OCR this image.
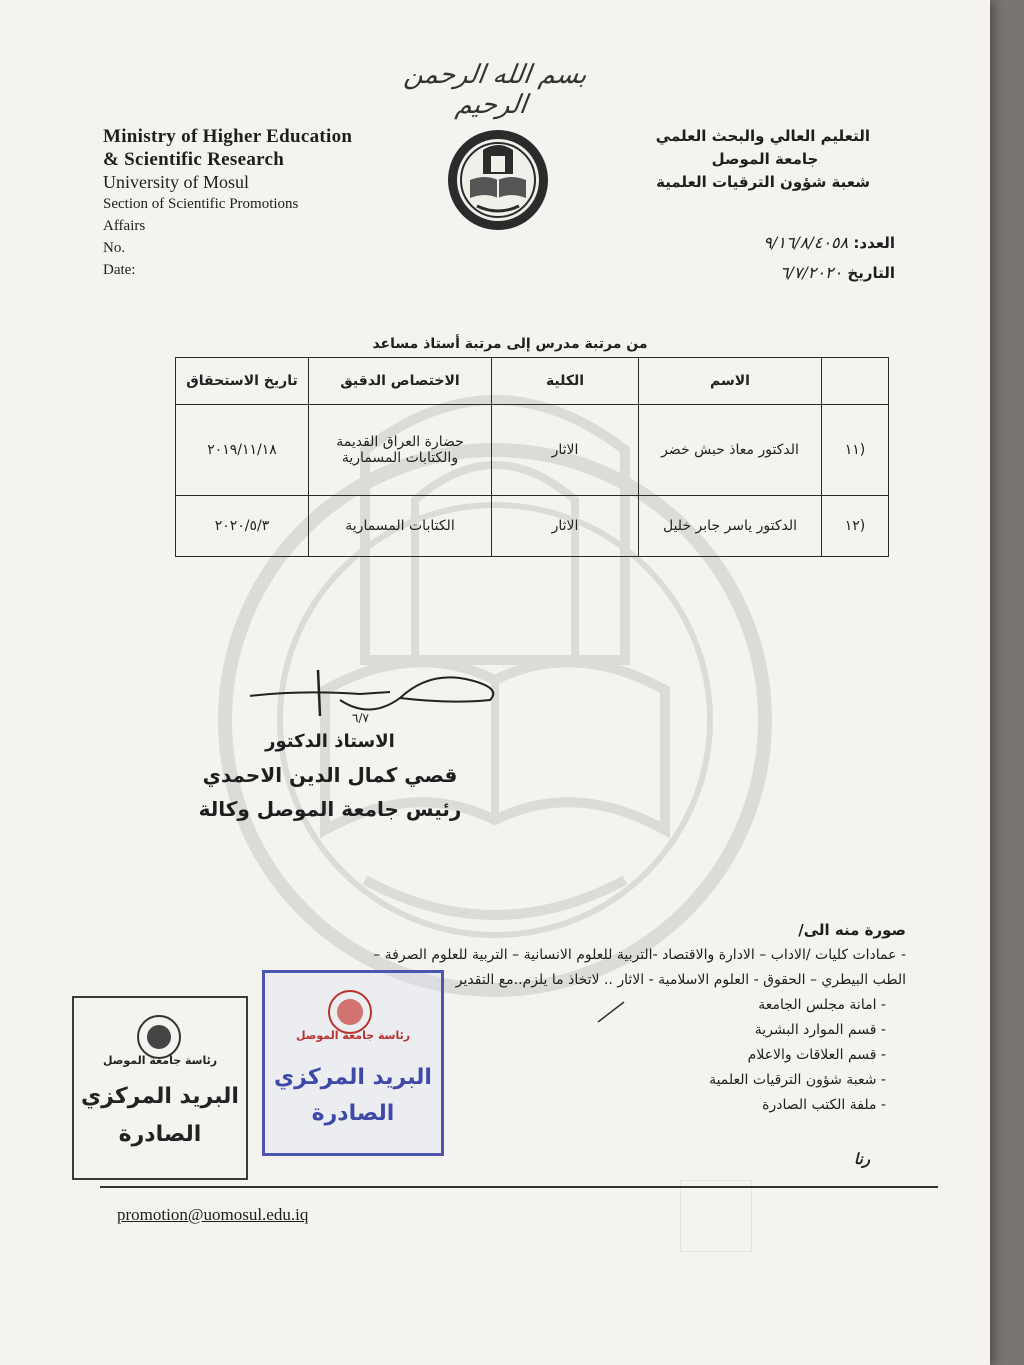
بسم الله الرحمن الرحيم
Ministry of Higher Education
& Scientific Research
University of Mosul
Section of Scientific Promotions
Affairs
No.
Date:
التعليم العالي والبحث العلمي
جامعة الموصل
شعبة شؤون الترقيات العلمية
العدد: ٩/١٦/٨/٤٠٥٨
التاريخ ٦/٧/٢٠٢٠
من مرتبة مدرس إلى مرتبة أستاذ مساعد
	الاسم	الكلية	الاختصاص الدقيق	تاريخ الاستحقاق
(١١	الدكتور معاذ حبش خضر	الاثار	حضارة العراق القديمة والكتابات المسمارية	٢٠١٩/١١/١٨
(١٢	الدكتور ياسر جابر خليل	الاثار	الكتابات المسمارية	٢٠٢٠/٥/٣
٦/٧
الاستاذ الدكتور
قصي كمال الدين الاحمدي
رئيس جامعة الموصل وكالة
صورة منه الى/
- عمادات كليات /الاداب – الادارة والاقتصاد -التربية للعلوم الانسانية – التربية للعلوم الصرفة –
الطب البيطري – الحقوق - العلوم الاسلامية - الاثار .. لاتخاذ ما يلزم..مع التقدير
- امانة مجلس الجامعة
- قسم الموارد البشرية
- قسم العلاقات والاعلام
- شعبة شؤون الترقيات العلمية
- ملفة الكتب الصادرة
رنا
promotion@uomosul.edu.iq
رئاسة جامعة الموصل
البريد المركزي
الصادرة
رئاسة جامعة الموصل
البريد المركزي
الصادرة
